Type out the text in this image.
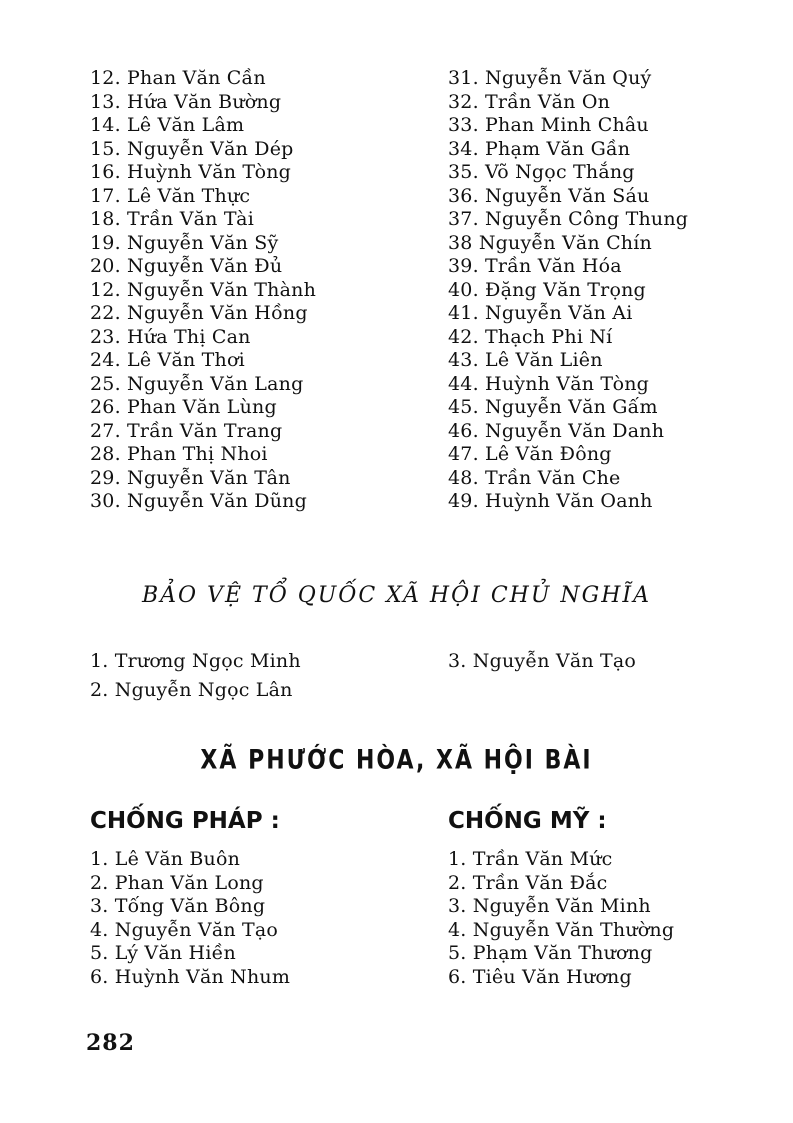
12. Phan Văn Cần
13. Hứa Văn Bường
14. Lê Văn Lâm
15. Nguyễn Văn Dép
16. Huỳnh Văn Tòng
17. Lê Văn Thực
18. Trần Văn Tài
19. Nguyễn Văn Sỹ
20. Nguyễn Văn Đủ
12. Nguyễn Văn Thành
22. Nguyễn Văn Hồng
23. Hứa Thị Can
24. Lê Văn Thơi
25. Nguyễn Văn Lang
26. Phan Văn Lùng
27. Trần Văn Trang
28. Phan Thị Nhoi
29. Nguyễn Văn Tân
30. Nguyễn Văn Dũng
31. Nguyễn Văn Quý
32. Trần Văn On
33. Phan Minh Châu
34. Phạm Văn Gần
35. Võ Ngọc Thắng
36. Nguyễn Văn Sáu
37. Nguyễn Công Thung
38 Nguyễn Văn Chín
39. Trần Văn Hóa
40. Đặng Văn Trọng
41. Nguyễn Văn Ai
42. Thạch Phi Ní
43. Lê Văn Liên
44. Huỳnh Văn Tòng
45. Nguyễn Văn Gấm
46. Nguyễn Văn Danh
47. Lê Văn Đông
48. Trần Văn Che
49. Huỳnh Văn Oanh
BẢO VỆ TỔ QUỐC XÃ HỘI CHỦ NGHĨA
1. Trương Ngọc Minh
2. Nguyễn Ngọc Lân
3. Nguyễn Văn Tạo
XÃ PHƯỚC HÒA, XÃ HỘI BÀI
CHỐNG PHÁP :	CHỐNG MỸ :
1. Lê Văn Buôn
2. Phan Văn Long
3. Tống Văn Bông
4. Nguyễn Văn Tạo
5. Lý Văn Hiền
6. Huỳnh Văn Nhum
1. Trần Văn Mức
2. Trần Văn Đắc
3. Nguyễn Văn Minh
4. Nguyễn Văn Thường
5. Phạm Văn Thương
6. Tiêu Văn Hương
282
